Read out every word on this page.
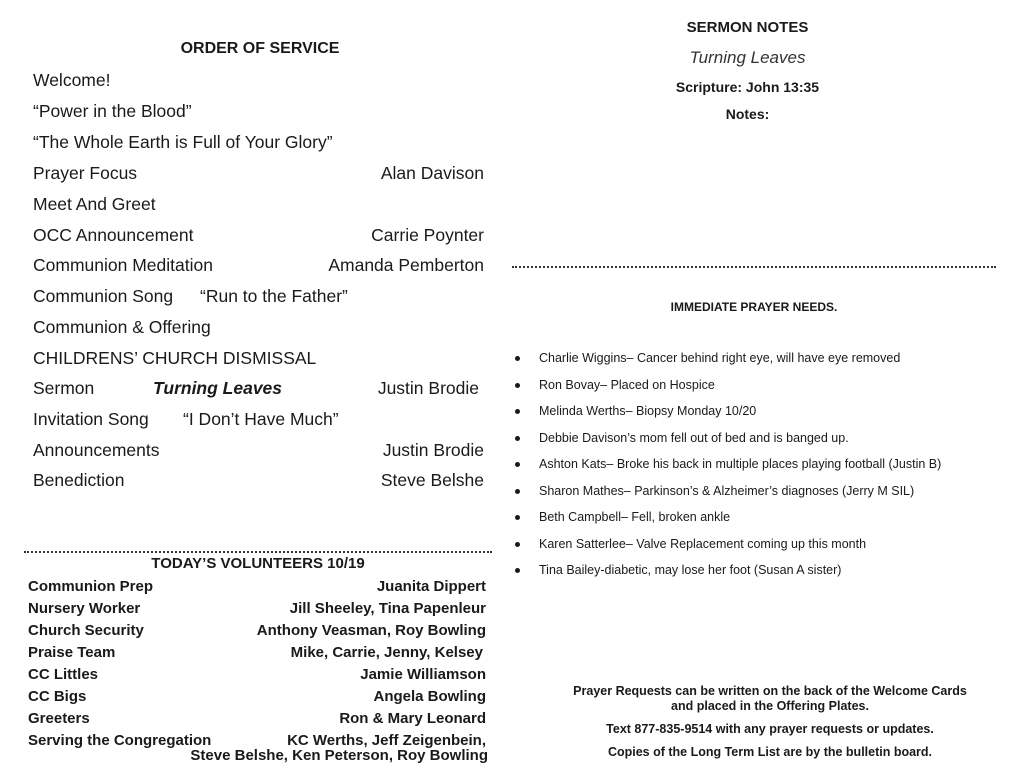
ORDER OF SERVICE
Welcome!
“Power in the Blood”
“The Whole Earth is Full of Your Glory”
Prayer Focus	Alan Davison
Meet And Greet
OCC Announcement	Carrie Poynter
Communion Meditation	Amanda Pemberton
Communion Song “Run to the Father”
Communion & Offering
CHILDRENS’ CHURCH DISMISSAL
Sermon	Turning Leaves	Justin Brodie
Invitation Song “I Don’t Have Much”
Announcements	Justin Brodie
Benediction	Steve Belshe
TODAY’S VOLUNTEERS 10/19
Communion Prep	Juanita Dippert
Nursery Worker	Jill Sheeley, Tina Papenleur
Church Security	Anthony Veasman, Roy Bowling
Praise Team	Mike, Carrie, Jenny, Kelsey
CC Littles	Jamie Williamson
CC Bigs	Angela Bowling
Greeters	Ron & Mary Leonard
Serving the Congregation	KC Werths, Jeff Zeigenbein,
Steve Belshe, Ken Peterson, Roy Bowling
SERMON NOTES
Turning Leaves
Scripture: John 13:35
Notes:
IMMEDIATE PRAYER NEEDS.
Charlie Wiggins– Cancer behind right eye, will have eye removed
Ron Bovay– Placed on Hospice
Melinda Werths– Biopsy Monday 10/20
Debbie Davison’s mom fell out of bed and is banged up.
Ashton Kats– Broke his back in multiple places playing football (Justin B)
Sharon Mathes– Parkinson’s & Alzheimer’s diagnoses (Jerry M SIL)
Beth Campbell– Fell, broken ankle
Karen Satterlee– Valve Replacement coming up this month
Tina Bailey-diabetic, may lose her foot (Susan A sister)
Prayer Requests can be written on the back of the Welcome Cards
and placed in the Offering Plates.
Text 877-835-9514 with any prayer requests or updates.
Copies of the Long Term List are by the bulletin board.
